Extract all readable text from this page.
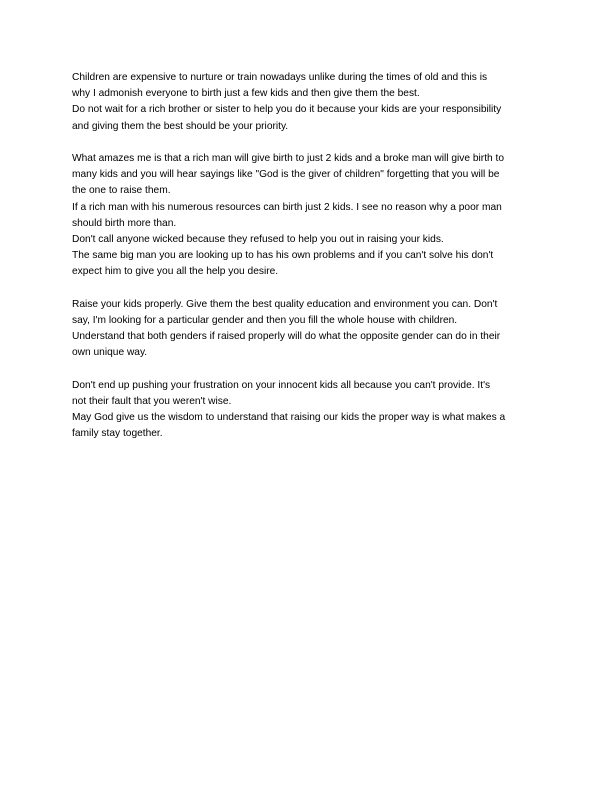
Children are expensive to nurture or train nowadays unlike during the times of old and this is
why I admonish everyone to birth just a few kids and then give them the best.
Do not wait for a rich brother or sister to help you do it because your kids are your responsibility
and giving them the best should be your priority.
What amazes me is that a rich man will give birth to just 2 kids and a broke man will give birth to
many kids and you will hear sayings like "God is the giver of children" forgetting that you will be
the one to raise them.
If a rich man with his numerous resources can birth just 2 kids. I see no reason why a poor man
should birth more than.
Don't call anyone wicked because they refused to help you out in raising your kids.
The same big man you are looking up to has his own problems and if you can't solve his don't
expect him to give you all the help you desire.
Raise your kids properly. Give them the best quality education and environment you can. Don't
say, I'm looking for a particular gender and then you fill the whole house with children.
Understand that both genders if raised properly will do what the opposite gender can do in their
own unique way.
Don't end up pushing your frustration on your innocent kids all because you can't provide. It's
not their fault that you weren't wise.
May God give us the wisdom to understand that raising our kids the proper way is what makes a
family stay together.
